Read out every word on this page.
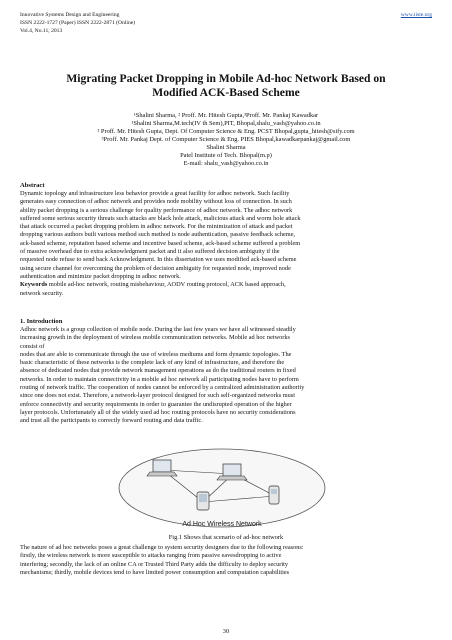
Innovative Systems Design and Engineering
ISSN 2222-1727 (Paper) ISSN 2222-2871 (Online)
Vol.4, No.11, 2013
www.iiste.org
Migrating Packet Dropping in Mobile Ad-hoc Network Based on
Modified ACK-Based Scheme
¹Shalini Sharma, ² Proff. Mr. Hitesh Gupta,³Proff. Mr. Pankaj Kawadkar
¹Shalini Sharma,M.tech(IV th Sem),PIT, Bhopal,shalu_vash@yahoo.co.in
² Proff. Mr. Hitesh Gupta, Dept. Of Computer Science & Eng. PCST Bhopal,gupta_hitesh@sify.com
³Proff. Mr. Pankaj Dept. of Computer Science & Eng. PIES Bhopal,kawadkarpankaj@gmail.com
Shalini Sharma
Patel Institute of Tech. Bhopal(m.p)
E-mail: shalu_vash@yahoo.co.in
Abstract
Dynamic topology and infrastructure less behavior provide a great facility for adhoc network. Such facility
generates easy connection of adhoc network and provides node mobility without loss of connection. In such
ability packet dropping is a serious challenge for quality performance of adhoc network. The adhoc network
suffered some serious security threats such attacks are black hole attack, malicious attack and worm hole attack
that attack occurred a packet dropping problem in adhoc network. For the minimization of attack and packet
dropping various authors built various method such method is node authentication, passive feedback scheme,
ack-based scheme, reputation based scheme and incentive based scheme, ack-based scheme suffered a problem
of massive overhead due to extra acknowledgment packet and it also suffered decision ambiguity if the
requested node refuse to send back Acknowledgment. In this dissertation we uses modified ack-based scheme
using secure channel for overcoming the problem of decision ambiguity for requested node, improved node
authentication and minimize packet dropping in adhoc network.
Keywords mobile ad-hoc network, routing misbehaviour, AODV routing protocol, ACK based approach,
network security.
1. Introduction
Adhoc network is a group collection of mobile node. During the last few years we have all witnessed steadily
increasing growth in the deployment of wireless mobile communication networks. Mobile ad hoc networks
consist of
nodes that are able to communicate through the use of wireless mediums and form dynamic topologies. The
basic characteristic of these networks is the complete lack of any kind of infrastructure, and therefore the
absence of dedicated nodes that provide network management operations as do the traditional routers in fixed
networks. In order to maintain connectivity in a mobile ad hoc network all participating nodes have to perform
routing of network traffic. The cooperation of nodes cannot be enforced by a centralized administration authority
since one does not exist. Therefore, a network-layer protocol designed for such self-organized networks must
enforce connectivity and security requirements in order to guarantee the undisrupted operation of the higher
layer protocols. Unfortunately all of the widely used ad hoc routing protocols have no security considerations
and trust all the participants to correctly forward routing and data traffic.
Ad Hoc Wireless Network
Fig.1 Shows that scenario of ad-hoc network
The nature of ad hoc networks poses a great challenge to system security designers due to the following reasons:
firstly, the wireless network is more susceptible to attacks ranging from passive eavesdropping to active
interfering; secondly, the lack of an online CA or Trusted Third Party adds the difficulty to deploy security
mechanisms; thirdly, mobile devices tend to have limited power consumption and computation capabilities
30
